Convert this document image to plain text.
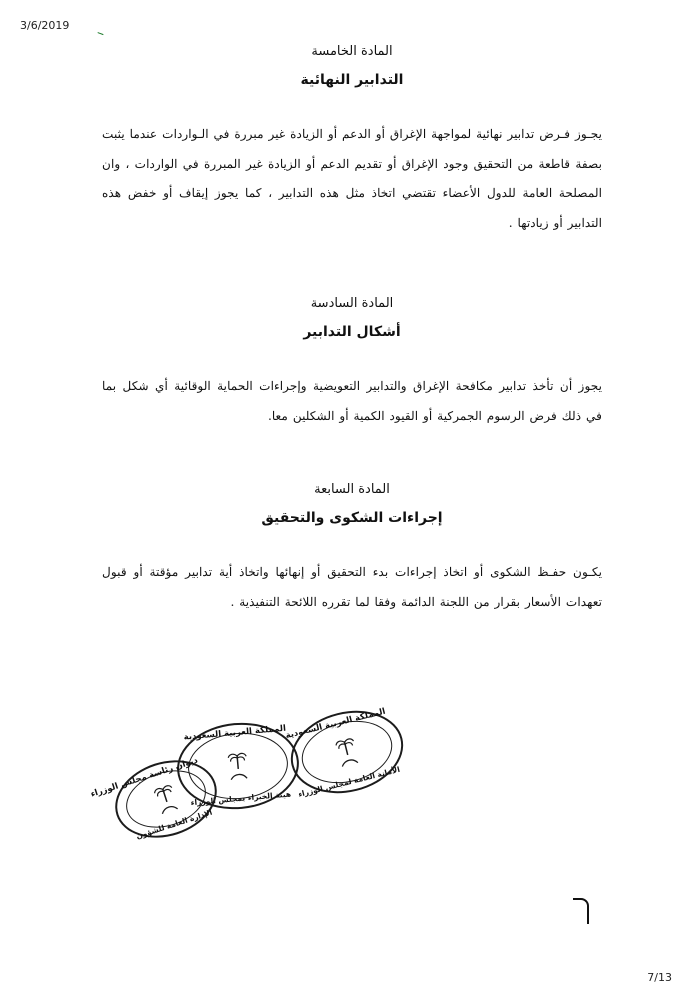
3/6/2019
المادة الخامسة
التدابير النهائية
يجـوز فـرض تدابير نهائية لمواجهة الإغراق أو الدعم أو الزيادة غير مبررة في الـواردات عندما يثبت بصفة قاطعة من التحقيق وجود الإغراق أو تقديم الدعم أو الزيادة غير المبررة في الواردات ، وان المصلحة العامة للدول الأعضاء تقتضي اتخاذ مثل هذه التدابير ، كما يجوز إيقاف أو خفض هذه التدابير أو زيادتها .
المادة السادسة
أشكال التدابير
يجوز أن تأخذ تدابير مكافحة الإغراق والتدابير التعويضية وإجراءات الحماية الوقائية أي شكل بما في ذلك فرض الرسوم الجمركية أو القيود الكمية أو الشكلين معا.
المادة السابعة
إجراءات الشكوى والتحقيق
يكـون حفـظ الشكوى أو اتخاذ إجراءات بدء التحقيق أو إنهائها واتخاذ أية تدابير مؤقتة أو قبول تعهدات الأسعار بقرار من اللجنة الدائمة وفقا لما تقرره اللائحة التنفيذية .
المملكة العربية السعودية
الأمانة العامة لمجلس الوزراء
المملكة العربية السعودية
هيئة الخبراء بمجلس الوزراء
ديوان رئاسة مجلس الوزراء
الإدارة العامة للشؤون
7/13
